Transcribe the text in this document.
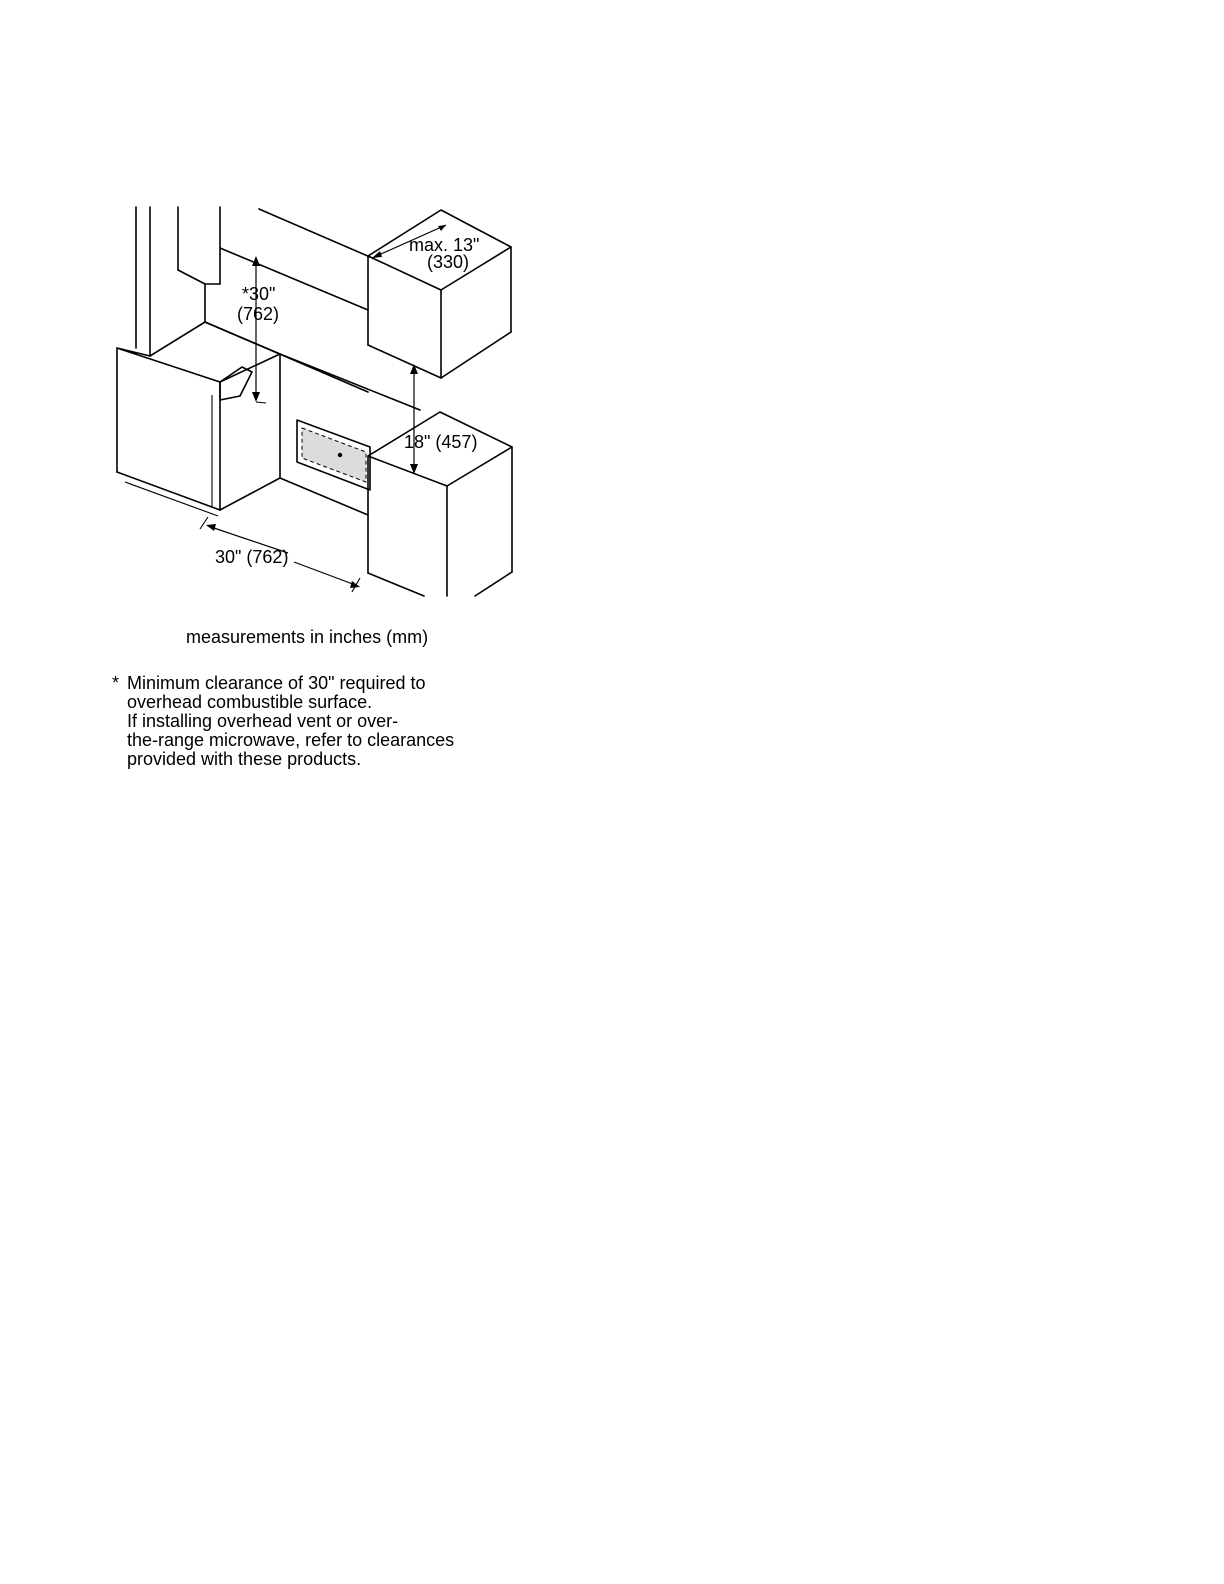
max. 13"
(330)
*30"
(762)
18" (457)
30" (762)
measurements in inches (mm)
* Minimum clearance of 30" required to
overhead combustible surface.
If installing overhead vent or over-
the-range microwave, refer to clearances
provided with these products.
